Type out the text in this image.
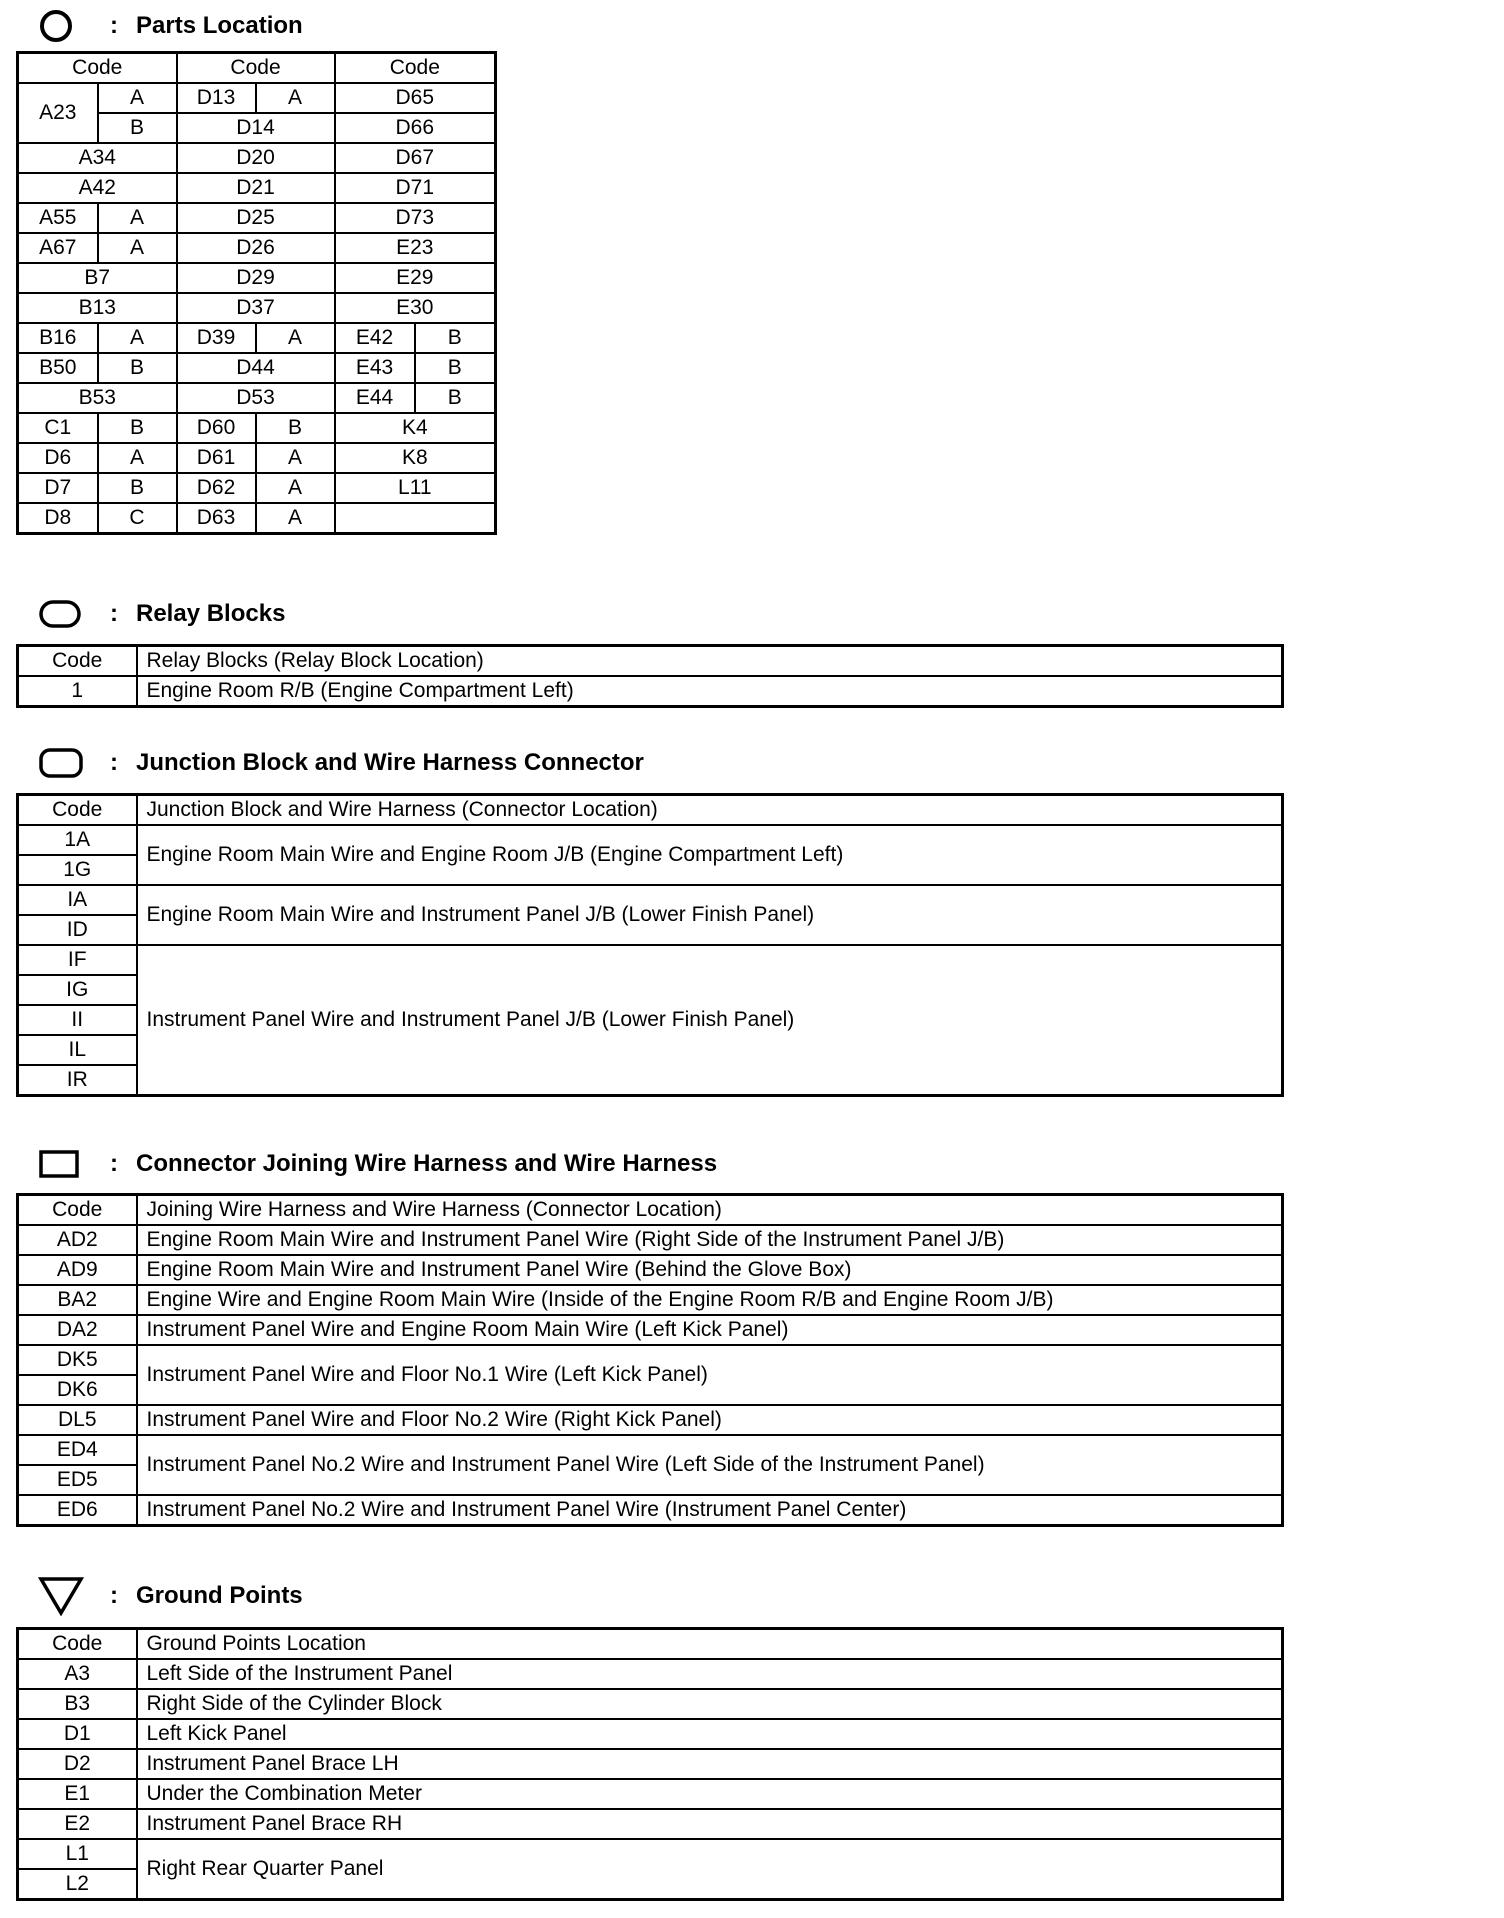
: Parts Location
Code		Code		Code	
A23	A	D13	A	D65	
	B	D14		D66	
A34		D20		D67	
A42		D21		D71	
A55	A	D25		D73	
A67	A	D26		E23	
B7		D29		E29	
B13		D37		E30	
B16	A	D39	A	E42	B
B50	B	D44		E43	B
B53		D53		E44	B
C1	B	D60	B	K4	
D6	A	D61	A	K8	
D7	B	D62	A	L11	
D8	C	D63	A		
: Relay Blocks
Code	Relay Blocks (Relay Block Location)
1	Engine Room R/B (Engine Compartment Left)
: Junction Block and Wire Harness Connector
Code	Junction Block and Wire Harness (Connector Location)
1A	Engine Room Main Wire and Engine Room J/B (Engine Compartment Left)
1G	
IA	Engine Room Main Wire and Instrument Panel J/B (Lower Finish Panel)
ID	
IF	Instrument Panel Wire and Instrument Panel J/B (Lower Finish Panel)
IG	
II	
IL	
IR	
: Connector Joining Wire Harness and Wire Harness
Code	Joining Wire Harness and Wire Harness (Connector Location)
AD2	Engine Room Main Wire and Instrument Panel Wire (Right Side of the Instrument Panel J/B)
AD9	Engine Room Main Wire and Instrument Panel Wire (Behind the Glove Box)
BA2	Engine Wire and Engine Room Main Wire (Inside of the Engine Room R/B and Engine Room J/B)
DA2	Instrument Panel Wire and Engine Room Main Wire (Left Kick Panel)
DK5	Instrument Panel Wire and Floor No.1 Wire (Left Kick Panel)
DK6	
DL5	Instrument Panel Wire and Floor No.2 Wire (Right Kick Panel)
ED4	Instrument Panel No.2 Wire and Instrument Panel Wire (Left Side of the Instrument Panel)
ED5	
ED6	Instrument Panel No.2 Wire and Instrument Panel Wire (Instrument Panel Center)
: Ground Points
Code	Ground Points Location
A3	Left Side of the Instrument Panel
B3	Right Side of the Cylinder Block
D1	Left Kick Panel
D2	Instrument Panel Brace LH
E1	Under the Combination Meter
E2	Instrument Panel Brace RH
L1	Right Rear Quarter Panel
L2	
